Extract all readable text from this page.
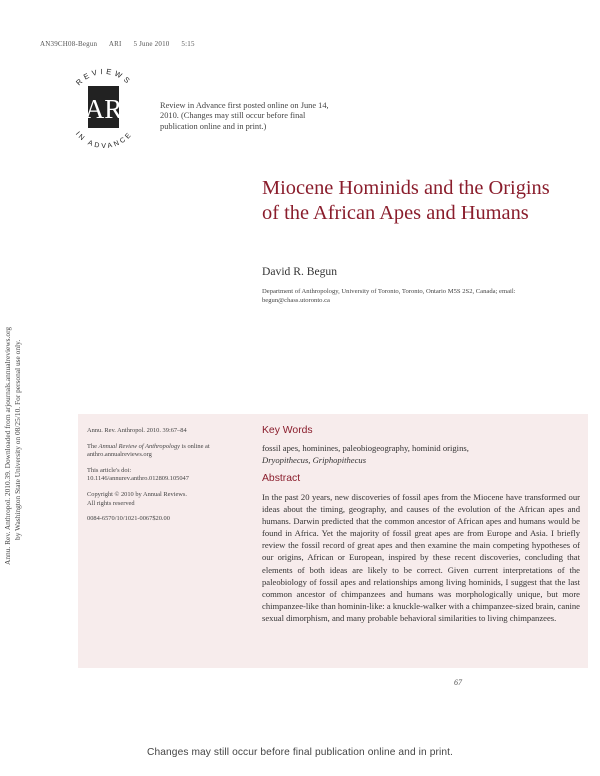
AN39CH08-Begun ARI 5 June 2010 5:15
REVIEWS
AR
IN ADVANCE
Review in Advance first posted online on June 14, 2010. (Changes may still occur before final publication online and in print.)
Miocene Hominids and the Origins of the African Apes and Humans
David R. Begun
Department of Anthropology, University of Toronto, Toronto, Ontario M5S 2S2, Canada; email: begun@chass.utoronto.ca
Annu. Rev. Anthropol. 2010.39. Downloaded from arjournals.annualreviews.org by Washington State University on 08/25/10. For personal use only.	Annu. Rev. Anthropol. 2010. 39:67–84

The Annual Review of Anthropology is online at anthro.annualreviews.org

This article's doi:
10.1146/annurev.anthro.012809.105047

Copyright © 2010 by Annual Reviews.
All rights reserved

0084-6570/10/1021-0067$20.00

Key Words
fossil apes, hominines, paleobiogeography, hominid origins,
Dryopithecus, Griphopithecus
Abstract
In the past 20 years, new discoveries of fossil apes from the Miocene have transformed our ideas about the timing, geography, and causes of the evolution of the African apes and humans. Darwin predicted that the common ancestor of African apes and humans would be found in Africa. Yet the majority of fossil great apes are from Europe and Asia. I briefly review the fossil record of great apes and then examine the main competing hypotheses of our origins, African or European, inspired by these recent discoveries, concluding that elements of both ideas are likely to be correct. Given current interpretations of the paleobiology of fossil apes and relationships among living hominids, I suggest that the last common ancestor of chimpanzees and humans was morphologically unique, but more chimpanzee-like than hominin-like: a knuckle-walker with a chimpanzee-sized brain, canine sexual dimorphism, and many probable behavioral similarities to living chimpanzees.
67
Changes may still occur before final publication online and in print.
